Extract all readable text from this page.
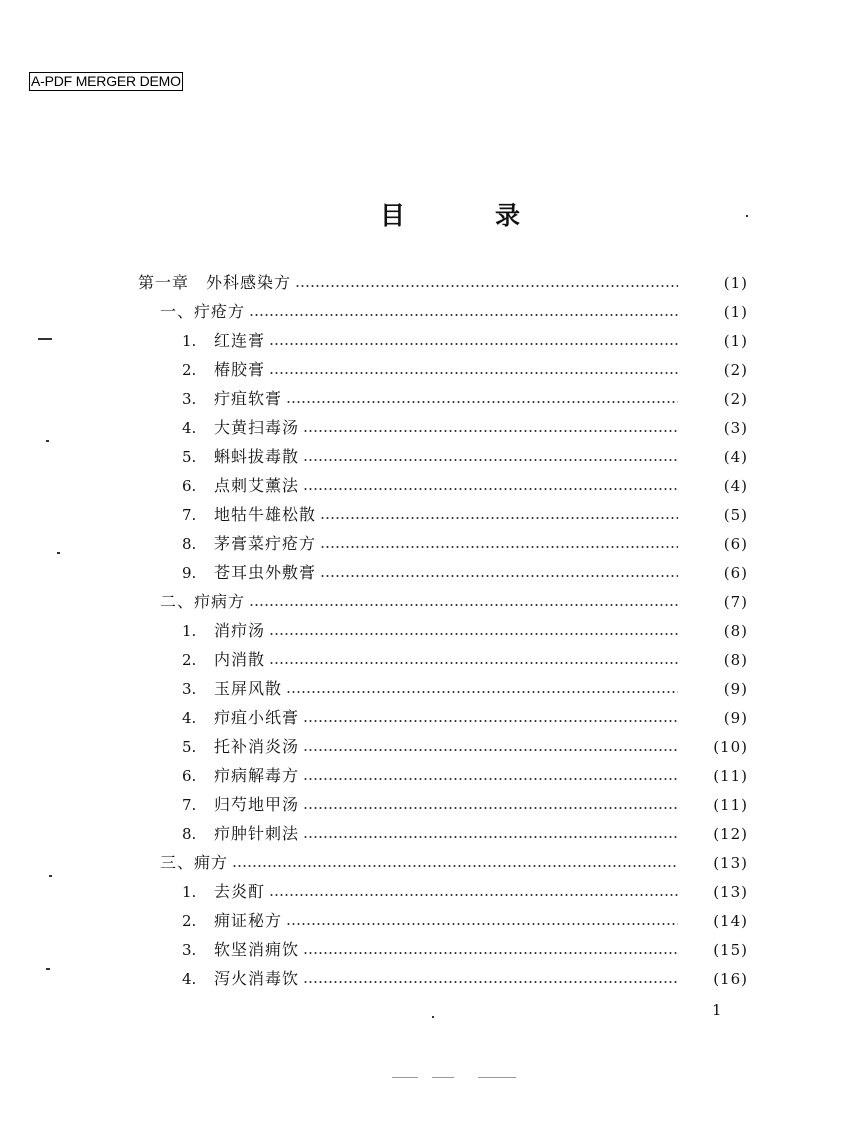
A-PDF MERGER DEMO
目	录
第一章　外科感染方	(1)
一、疔疮方	(1)
1.	红连膏	(1)
2.	椿胶膏	(2)
3.	疔疽软膏	(2)
4.	大黄扫毒汤	(3)
5.	蝌蚪拔毒散	(4)
6.	点刺艾薰法	(4)
7.	地牯牛雄松散	(5)
8.	茅膏菜疔疮方	(6)
9.	苍耳虫外敷膏	(6)
二、疖病方	(7)
1.	消疖汤	(8)
2.	内消散	(8)
3.	玉屏风散	(9)
4.	疖疽小纸膏	(9)
5.	托补消炎汤	(10)
6.	疖病解毒方	(11)
7.	归芍地甲汤	(11)
8.	疖肿针刺法	(12)
三、痈方	(13)
1.	去炎酊	(13)
2.	痈证秘方	(14)
3.	软坚消痈饮	(15)
4.	泻火消毒饮	(16)
1
